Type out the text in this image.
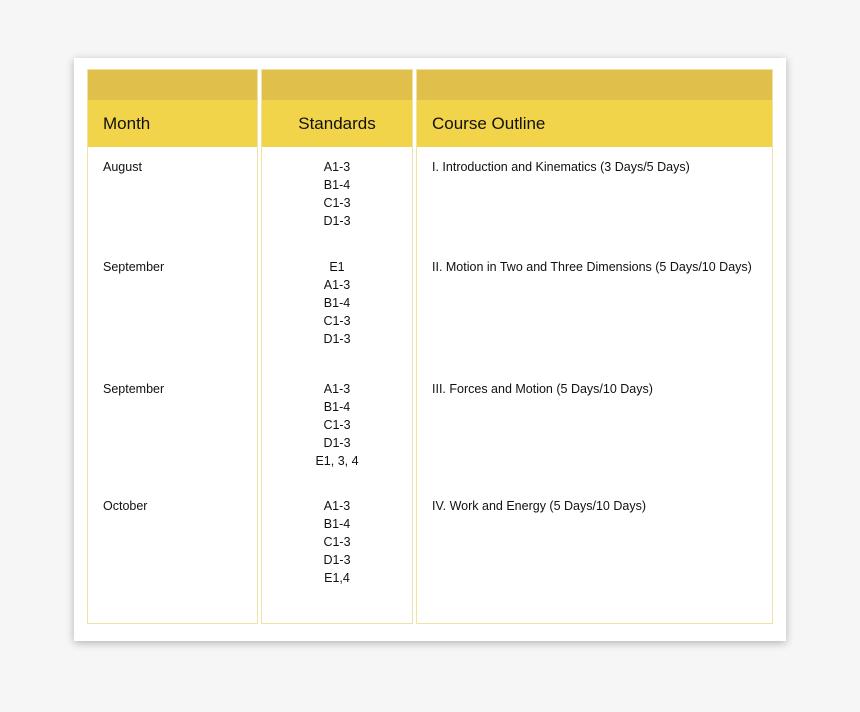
Month
August
September
September
October
Standards
A1-3
B1-4
C1-3
D1-3
E1
A1-3
B1-4
C1-3
D1-3
A1-3
B1-4
C1-3
D1-3
E1, 3, 4
A1-3
B1-4
C1-3
D1-3
E1,4
Course Outline
I. Introduction and Kinematics (3 Days/5 Days)
II. Motion in Two and Three Dimensions (5 Days/10 Days)
III. Forces and Motion (5 Days/10 Days)
IV. Work and Energy (5 Days/10 Days)
